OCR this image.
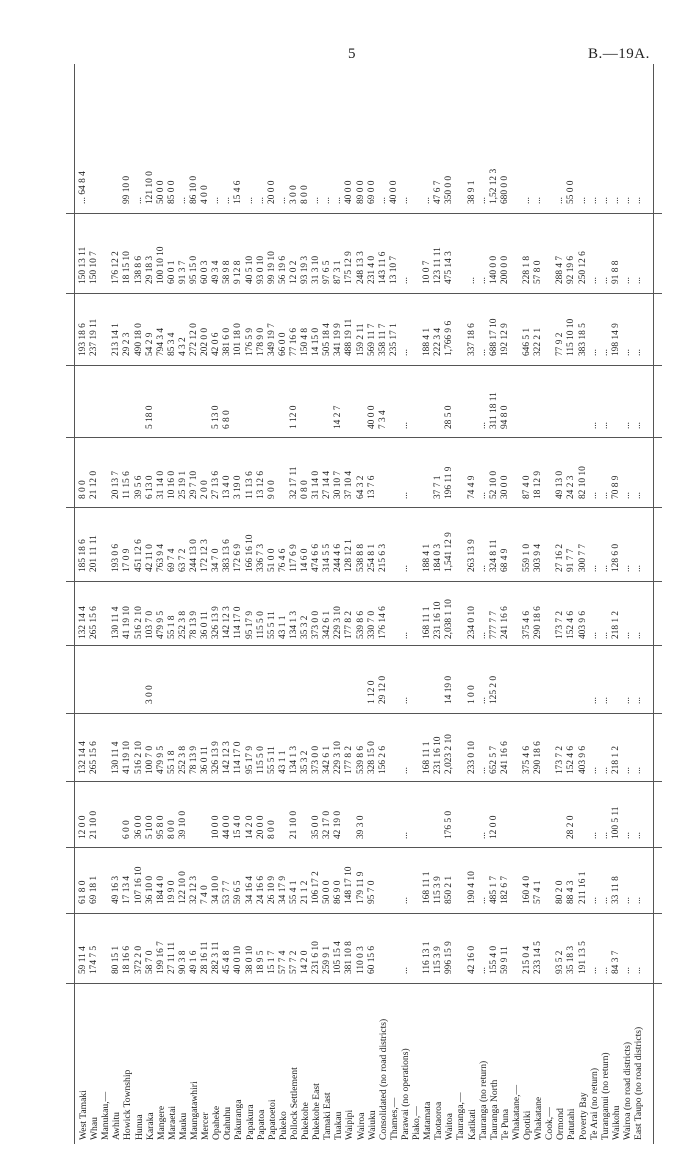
5	B.—19A.
West Tamaki
59 11 4
61 8 0
12 0 0
132 14 4
132 14 4
185 18 6
8 0 0
193 18 6
150 13 11
... 64 8 4
Whau
174 7 5
69 18 1
21 10 0
265 15 6
265 15 6
201 11 11
21 12 0
237 19 11
150 10 7
Manukau,— Awhitu
80 15 1
49 16 3
130 11 4
130 11 4
193 0 6
20 13 7
213 14 1
176 12 2
Howick Township
18 16 6
17 13 4
6 0 0
41 19 10
41 19 10
17 0 9
11 15 6
29 2 3
18 15 10
99 10 0
Hunua
372 2 0
107 16 10
36 0 0
516 2 10
516 2 10
451 12 6
39 5 6
490 18 0
138 8 6
...
Karaka
58 7 0
36 10 0
5 10 0
100 7 0
3 0 0
103 7 0
42 11 0
6 13 0
5 18 0
54 2 9
29 18 3
121 10 0
Mangere
199 16 7
184 4 0
95 8 0
479 9 5
479 9 5
763 9 4
31 14 0
794 3 4
100 10 10
50 0 0
Maraetai
27 11 11
19 9 0
8 0 0
55 1 8
55 1 8
69 7 4
10 16 0
85 3 4
60 0 1
85 0 0
Mauku
90 3 8
122 10 0
39 10 0
252 3 8
252 3 8
63 7 2
25 19 1
4 3 2
91 3 7
...
Maungatawhiri
49 1 6
32 12 3
78 13 9
78 13 9
244 13 0
29 7 10
272 12 0
95 15 0
86 10 0
Mercer
28 16 11
7 4 0
36 0 11
36 0 11
172 12 3
2 0 0
202 0 0
60 0 3
4 0 0
Opaheke
282 3 11
34 10 0
10 0 0
326 13 9
326 13 9
34 7 0
27 13 6
5 13 0
42 0 6
49 3 4
...
Otahuhu
45 4 8
53 7 7
44 0 0
142 12 3
142 12 3
383 13 6
13 4 0
6 8 0
381 6 0
58 9 8
...
Pakuranga
40 0 10
59 6 5
15 4 0
114 17 0
114 17 0
172 6 9
3 19 0
101 18 0
9 12 8
15 4 6
Papakura
38 0 10
34 16 4
14 2 0
95 17 9
95 17 9
166 16 10
11 13 6
176 5 9
40 5 10
...
Papatoa
18 9 5
24 16 6
20 0 0
115 5 0
115 5 0
336 7 3
13 12 6
178 9 0
93 0 10
...
Papatoetoi
15 1 7
26 10 9
8 0 0
55 5 11
55 5 11
51 0 0
9 0 0
349 19 7
99 19 10
20 0 0
Pukeko
57 7 4
34 17 9
43 1 1
43 1 1
76 4 6
66 0 0
56 19 6
...
Pollock Settlement
57 7 2
55 4 1
21 10 0
134 1 3
134 1 3
117 6 9
32 17 11
1 12 0
77 16 6
12 0 2
3 0 0
Pukekohe
14 2 0
21 1 2
35 3 2
35 3 2
14 6 0
0 8 0
150 4 8
93 19 3
8 0 0
Pukekohe East
231 6 10
106 17 2
35 0 0
373 0 0
373 0 0
474 6 6
31 14 0
14 15 0
31 3 10
...
Tamaki East
259 9 1
50 0 0
32 17 0
342 6 1
342 6 1
314 5 5
27 14 4
505 18 4
97 6 5
...
Tuakau
105 15 4
86 9 0
42 19 0
229 3 10
229 3 10
244 4 6
30 10 7
14 2 7
341 19 9
87 3 1
...
Waipipi
381 10 8
148 17 10
177 8 2
177 8 2
128 12 1
37 10 4
488 19 11
175 12 9
40 0 0
Wairoa
110 0 3
179 11 9
39 3 0
539 8 6
539 8 6
538 8 8
64 3 2
159 2 11
248 13 3
89 0 0
Waiuku
60 15 6
95 7 0
328 15 0
1 12 0
330 7 0
254 8 1
13 7 6
40 0 0
569 11 7
231 4 0
69 0 0
Consolidated (no road districts)
156 2 6
29 12 0
176 14 6
215 6 3
7 3 4
358 11 7
143 11 6
...
Thames,—
235 17 1
13 10 7
40 0 0
Parawai (no operations)
...
...
...
...
...
...
...
...
...
...
...
...
Piako,— Matamata
116 13 1
168 11 1
168 11 1
168 11 1
188 4 1
188 4 1
10 0 7
...
Taotaoroa
115 3 9
115 3 9
231 16 10
231 16 10
184 0 3
37 7 1
222 3 4
123 11 11
47 6 7
Waitoa
996 15 9
850 2 1
176 5 0
2,023 2 10
14 19 0
2,038 1 10
1,541 12 9
196 11 9
28 5 0
1,766 9 6
475 14 3
350 0 0
Tauranga,— Katikati
42 16 0
190 4 10
233 0 10
1 0 0
234 0 10
263 13 9
74 4 9
337 18 6
...
38 9 1
Tauranga (no return)
...
...
...
...
...
...
...
...
...
...
...
...
Tauranga North
155 4 0
485 1 7
12 0 0
652 5 7
125 2 0
777 7 7
324 8 11
52 10 0
311 18 11
688 17 10
140 0 0
1,52 12 3
Te Puna
59 9 11
182 6 7
241 16 6
241 16 6
68 4 9
30 0 0
94 8 0
192 12 9
200 0 0
680 0 0
Whakatane,— Opotiki
215 0 4
160 4 0
375 4 6
375 4 6
559 1 0
87 4 0
646 5 1
228 1 8
...
Whakatane
233 14 5
57 4 1
290 18 6
290 18 6
303 9 4
18 12 9
322 2 1
57 8 0
...
Cook,— Ormond
93 5 2
80 2 0
173 7 2
173 7 2
27 16 2
49 13 0
77 9 2
288 4 7
...
Patutahi
35 18 3
88 4 3
28 2 0
152 4 6
152 4 6
91 7 7
24 2 3
115 10 10
92 19 6
55 0 0
Poverty Bay
191 13 5
211 16 1
403 9 6
403 9 6
300 7 7
82 10 10
383 18 5
250 12 6
...
Te Arai (no return)
...
...
...
...
...
...
...
...
...
...
...
...
Turanganui (no return)
...
...
...
...
...
...
...
...
...
...
...
...
Waikohu
84 3 7
33 11 8
100 5 11
218 1 2
218 1 2
128 6 0
70 8 9
198 14 9
91 8 8
...
Wairoa (no road districts)
...
...
...
...
...
...
...
...
...
...
...
...
East Taupo (no road districts)
...
...
...
...
...
...
...
...
...
...
...
...
